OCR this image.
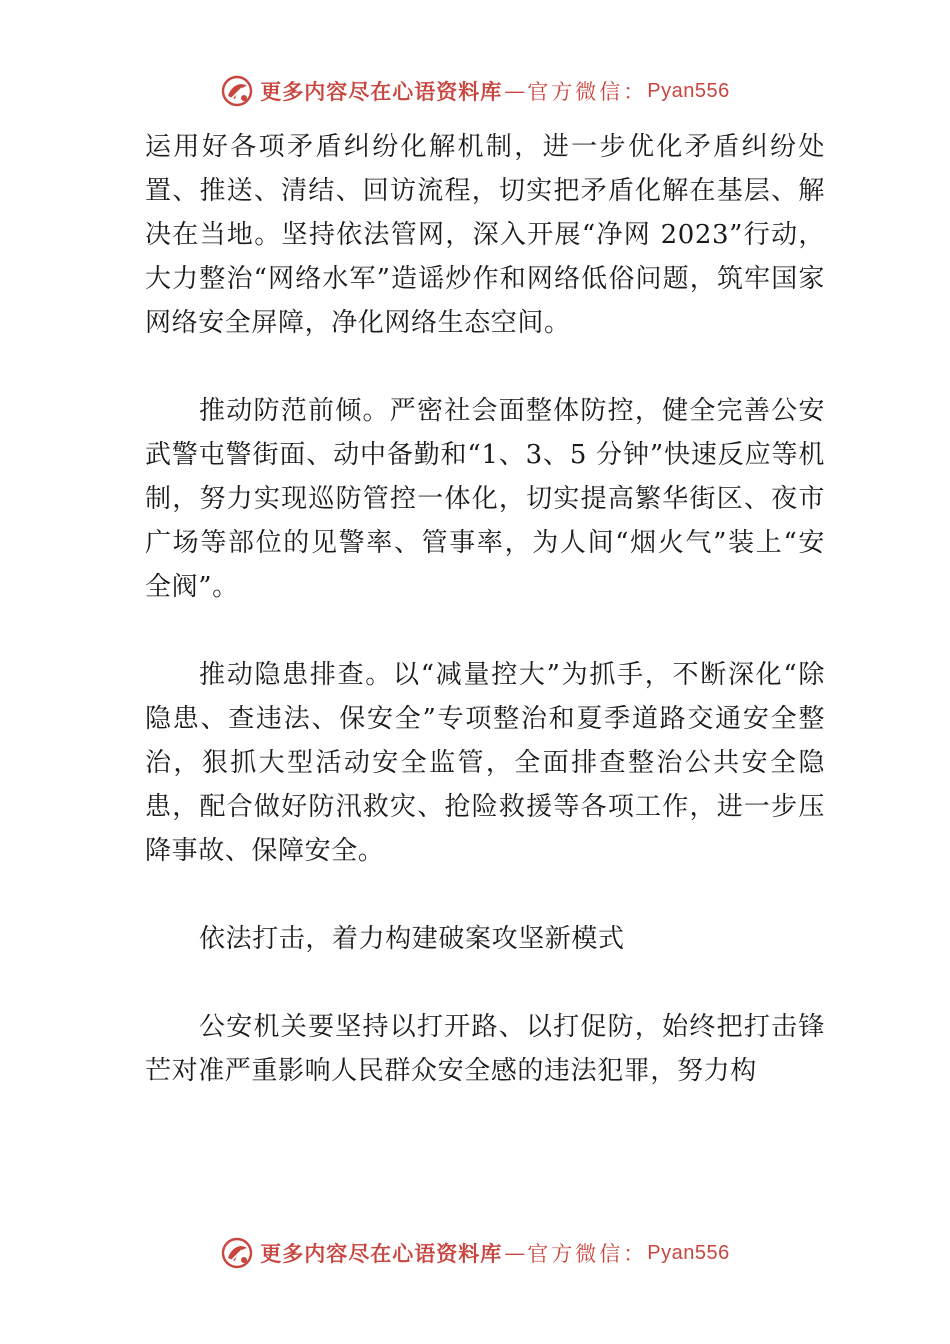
更多内容尽在心语资料库 — 官方微信： Pyan556

运用好各项矛盾纠纷化解机制，进一步优化矛盾纠纷处置、推送、清结、回访流程，切实把矛盾化解在基层、解决在当地。坚持依法管网，深入开展“净网 2023”行动，大力整治“网络水军”造谣炒作和网络低俗问题，筑牢国家网络安全屏障，净化网络生态空间。

推动防范前倾。严密社会面整体防控，健全完善公安武警屯警街面、动中备勤和“1、3、5 分钟”快速反应等机制，努力实现巡防管控一体化，切实提高繁华街区、夜市广场等部位的见警率、管事率，为人间“烟火气”装上“安全阀”。

推动隐患排查。以“减量控大”为抓手，不断深化“除隐患、查违法、保安全”专项整治和夏季道路交通安全整治，狠抓大型活动安全监管，全面排查整治公共安全隐患，配合做好防汛救灾、抢险救援等各项工作，进一步压降事故、保障安全。

依法打击，着力构建破案攻坚新模式

公安机关要坚持以打开路、以打促防，始终把打击锋芒对准严重影响人民群众安全感的违法犯罪，努力构

更多内容尽在心语资料库 — 官方微信： Pyan556
